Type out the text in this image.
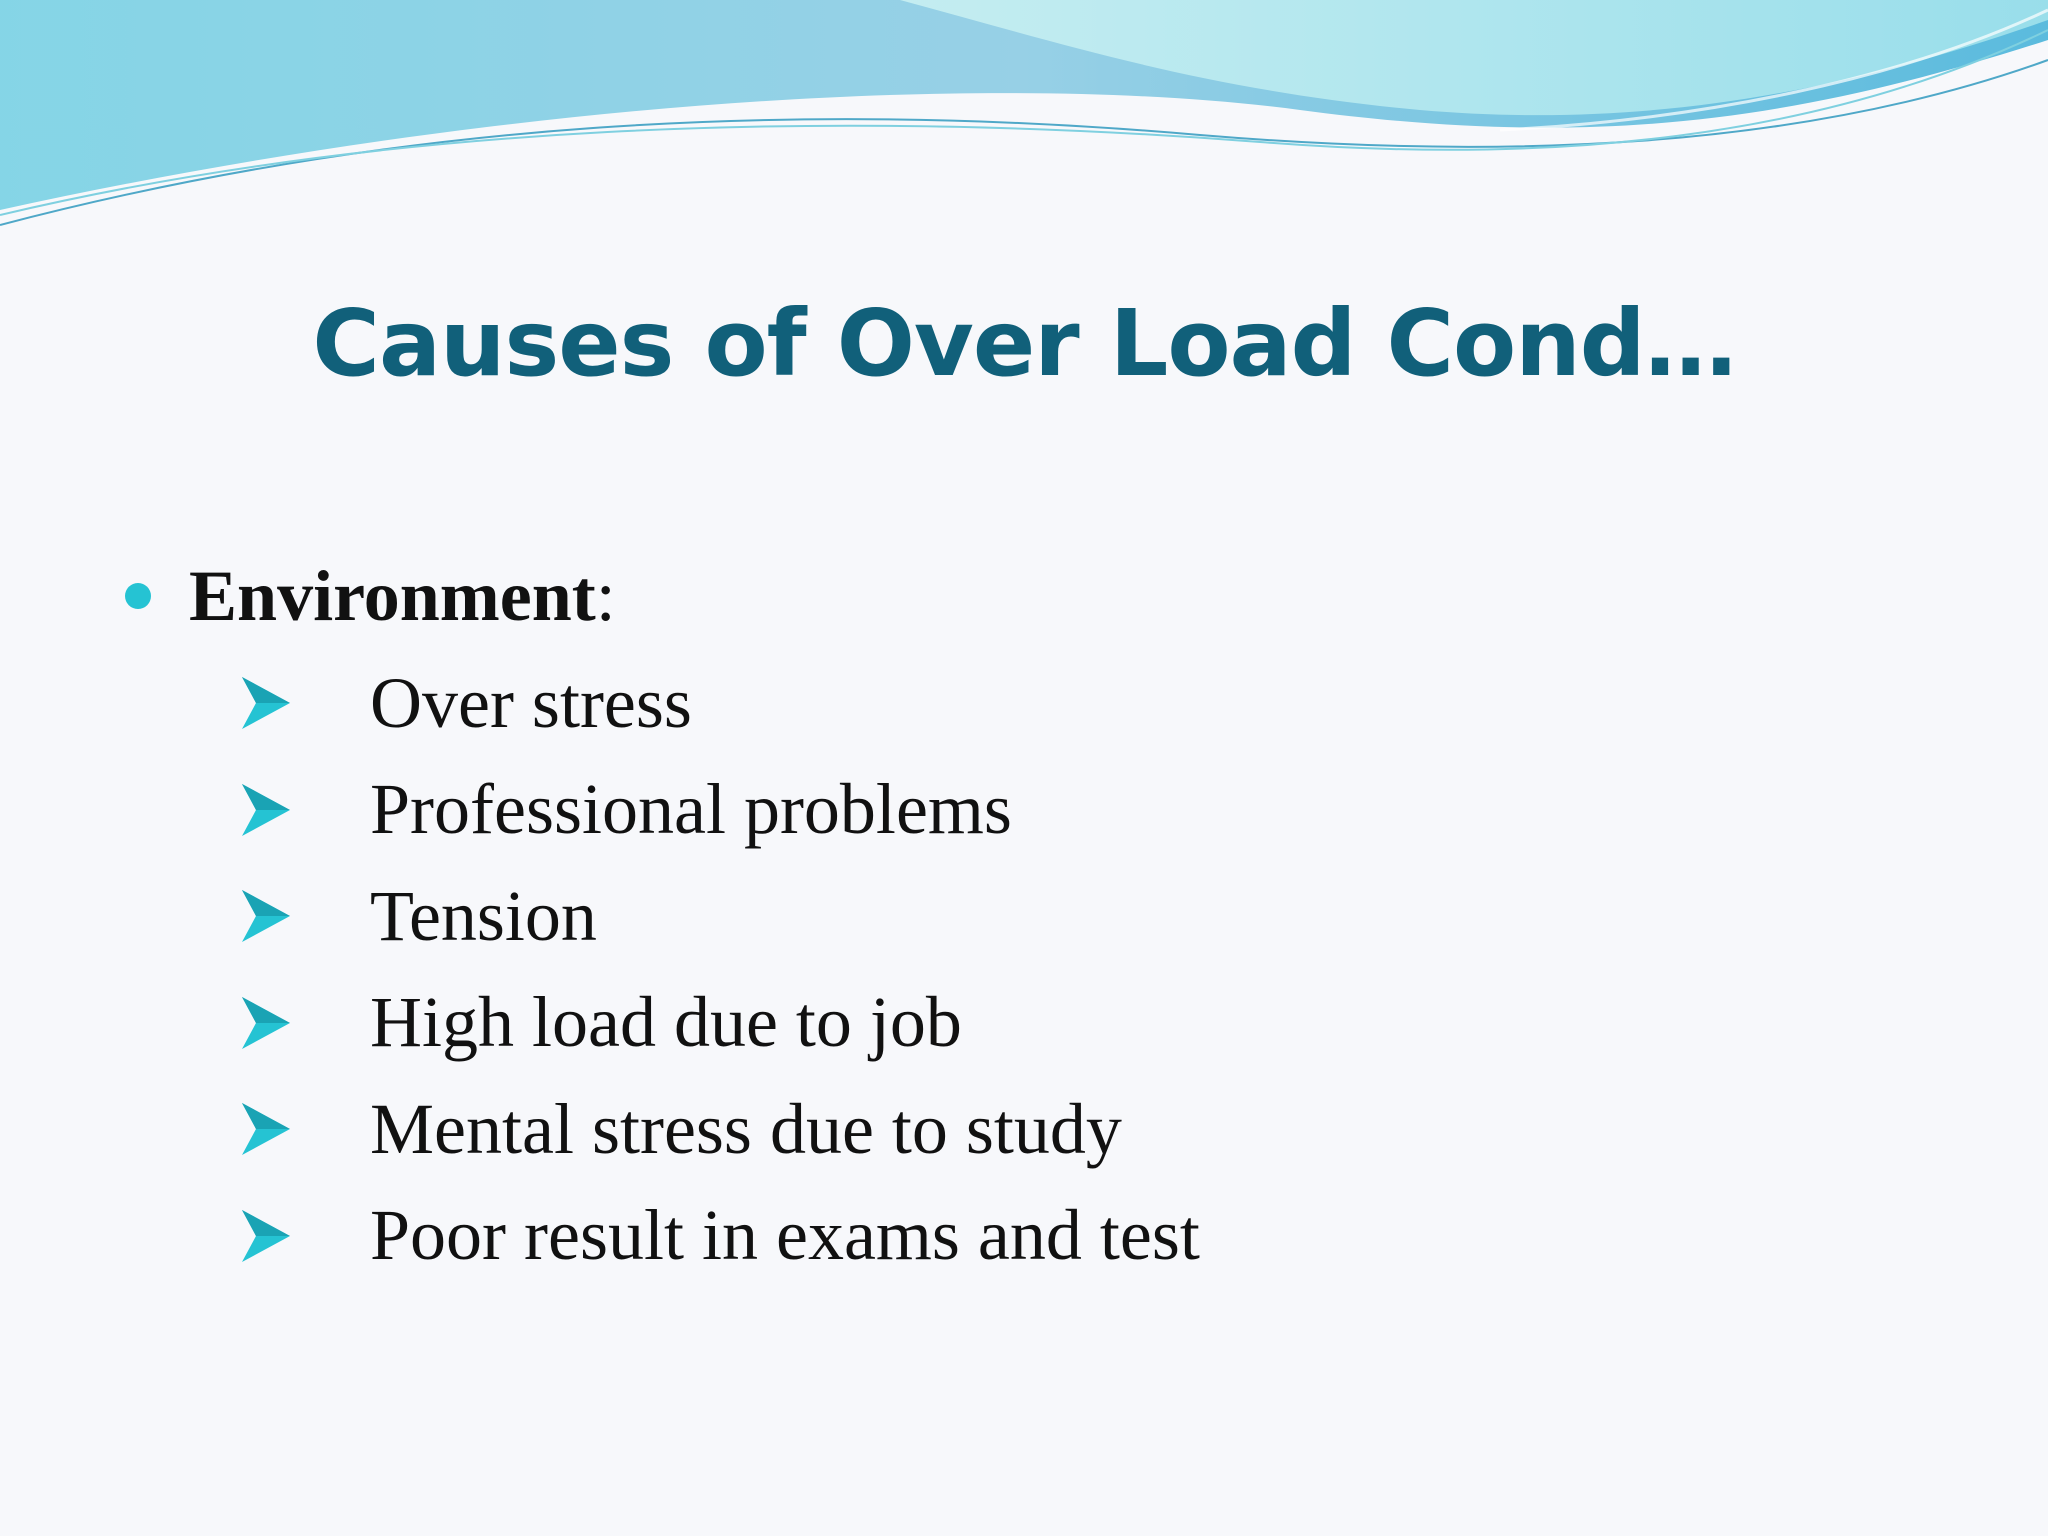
Causes of Over Load Cond…
Environment:
Over stress
Professional problems
Tension
High load due to job
Mental stress due to study
Poor result in exams and test
